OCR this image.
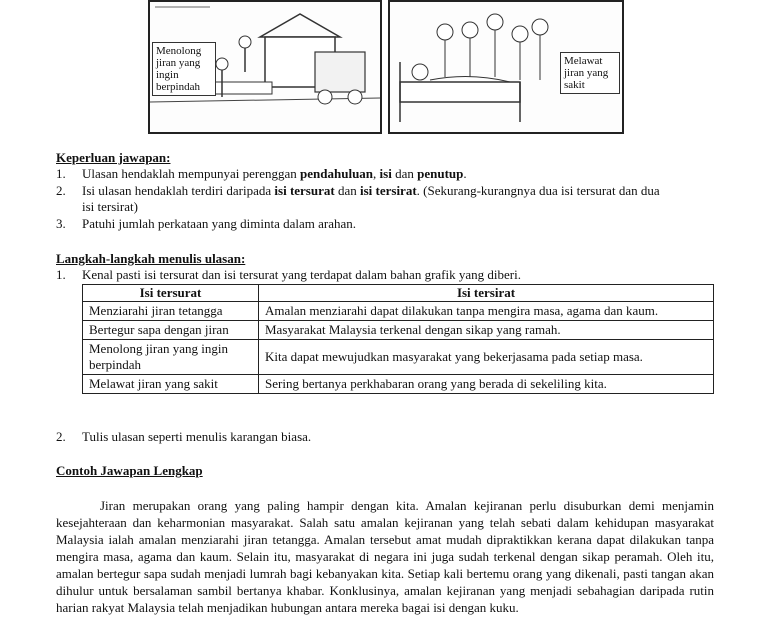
Menolong jiran yang ingin berpindah
Melawat jiran yang sakit
Keperluan jawapan:
1. Ulasan hendaklah mempunyai perenggan pendahuluan, isi dan penutup.
2. Isi ulasan hendaklah terdiri daripada isi tersurat dan isi tersirat. (Sekurang-kurangnya dua isi tersurat dan dua isi tersirat)
3. Patuhi jumlah perkataan yang diminta dalam arahan.
Langkah-langkah menulis ulasan:
1. Kenal pasti isi tersurat dan isi tersurat yang terdapat dalam bahan grafik yang diberi.
Isi tersurat	Isi tersirat
Menziarahi jiran tetangga	Amalan menziarahi dapat dilakukan tanpa mengira masa, agama dan kaum.
Bertegur sapa dengan jiran	Masyarakat Malaysia terkenal dengan sikap yang ramah.
Menolong jiran yang ingin berpindah	Kita dapat mewujudkan masyarakat yang bekerjasama pada setiap masa.
Melawat jiran yang sakit	Sering bertanya perkhabaran orang yang berada di sekeliling kita.
2. Tulis ulasan seperti menulis karangan biasa.
Contoh Jawapan Lengkap
Jiran merupakan orang yang paling hampir dengan kita. Amalan kejiranan perlu disuburkan demi menjamin kesejahteraan dan keharmonian masyarakat. Salah satu amalan kejiranan yang telah sebati dalam kehidupan masyarakat Malaysia ialah amalan menziarahi jiran tetangga. Amalan tersebut amat mudah dipraktikkan kerana dapat dilakukan tanpa mengira masa, agama dan kaum. Selain itu, masyarakat di negara ini juga sudah terkenal dengan sikap peramah. Oleh itu, amalan bertegur sapa sudah menjadi lumrah bagi kebanyakan kita. Setiap kali bertemu orang yang dikenali, pasti tangan akan dihulur untuk bersalaman sambil bertanya khabar. Konklusinya, amalan kejiranan yang menjadi sebahagian daripada rutin harian rakyat Malaysia telah menjadikan hubungan antara mereka bagai isi dengan kuku.
